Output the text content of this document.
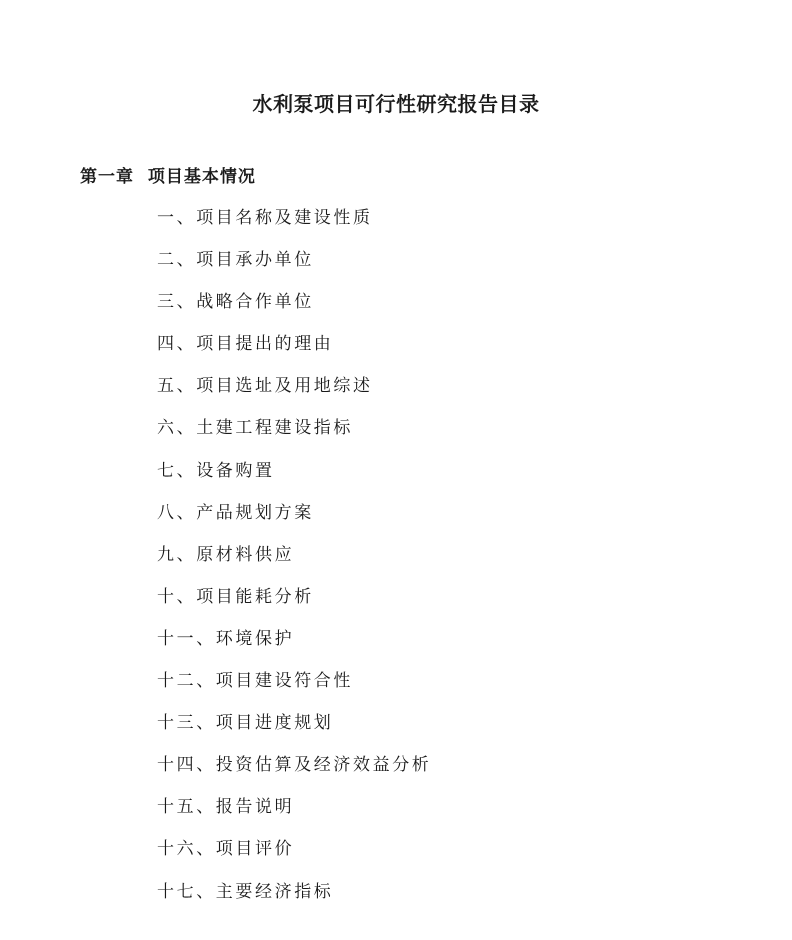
水利泵项目可行性研究报告目录
第一章  项目基本情况
一、项目名称及建设性质
二、项目承办单位
三、战略合作单位
四、项目提出的理由
五、项目选址及用地综述
六、土建工程建设指标
七、设备购置
八、产品规划方案
九、原材料供应
十、项目能耗分析
十一、环境保护
十二、项目建设符合性
十三、项目进度规划
十四、投资估算及经济效益分析
十五、报告说明
十六、项目评价
十七、主要经济指标
